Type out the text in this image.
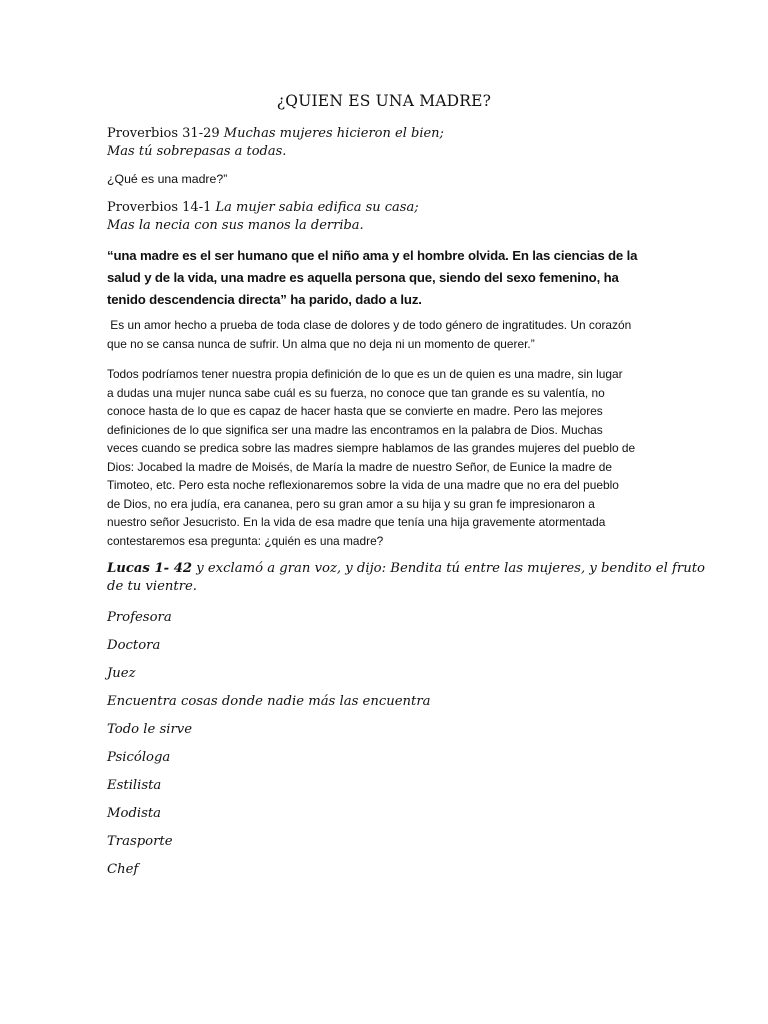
¿QUIEN ES UNA MADRE?
Proverbios 31-29 Muchas mujeres hicieron el bien;
Mas tú sobrepasas a todas.
¿Qué es una madre?”
Proverbios 14-1 La mujer sabia edifica su casa;
Mas la necia con sus manos la derriba.
“una madre es el ser humano que el niño ama y el hombre olvida. En las ciencias de la
salud y de la vida, una madre es aquella persona que, siendo del sexo femenino, ha
tenido descendencia directa” ha parido, dado a luz.
Es un amor hecho a prueba de toda clase de dolores y de todo género de ingratitudes. Un corazón
que no se cansa nunca de sufrir. Un alma que no deja ni un momento de querer.”
Todos podríamos tener nuestra propia definición de lo que es un de quien es una madre, sin lugar
a dudas una mujer nunca sabe cuál es su fuerza, no conoce que tan grande es su valentía, no
conoce hasta de lo que es capaz de hacer hasta que se convierte en madre. Pero las mejores
definiciones de lo que significa ser una madre las encontramos en la palabra de Dios. Muchas
veces cuando se predica sobre las madres siempre hablamos de las grandes mujeres del pueblo de
Dios: Jocabed la madre de Moisés, de María la madre de nuestro Señor, de Eunice la madre de
Timoteo, etc. Pero esta noche reflexionaremos sobre la vida de una madre que no era del pueblo
de Dios, no era judía, era cananea, pero su gran amor a su hija y su gran fe impresionaron a
nuestro señor Jesucristo. En la vida de esa madre que tenía una hija gravemente atormentada
contestaremos esa pregunta: ¿quién es una madre?
Lucas 1- 42 y exclamó a gran voz, y dijo: Bendita tú entre las mujeres, y bendito el fruto
de tu vientre.
Profesora
Doctora
Juez
Encuentra cosas donde nadie más las encuentra
Todo le sirve
Psicóloga
Estilista
Modista
Trasporte
Chef
